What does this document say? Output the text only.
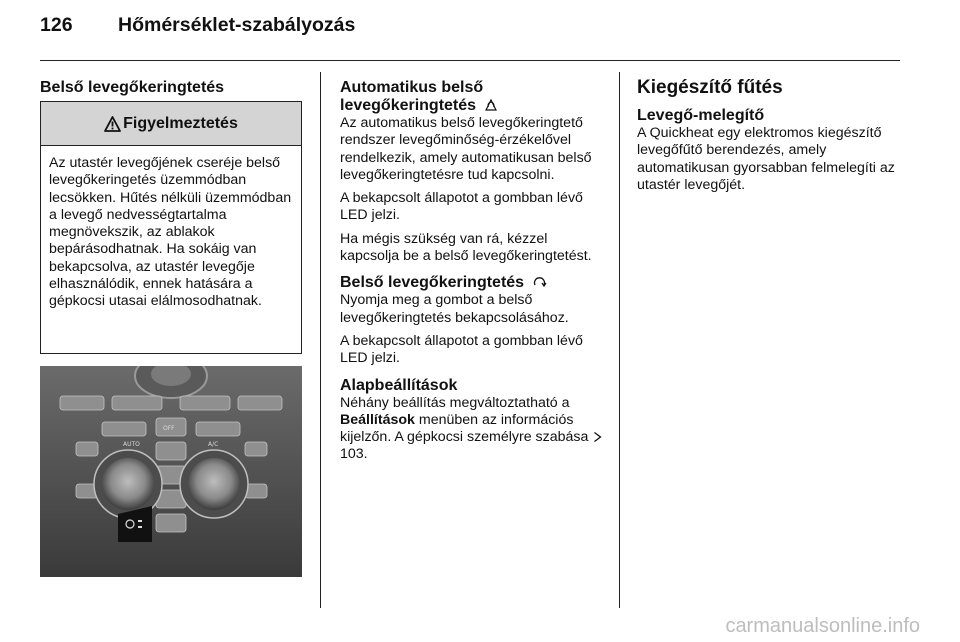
126 Hőmérséklet-szabályozás
Belső levegőkeringtetés
Figyelmeztetés
Az utastér levegőjének cseréje belső levegőkeringetés üzemmódban lecsökken. Hűtés nélküli üzemmódban a levegő nedvességtartalma megnövekszik, az ablakok bepárásodhatnak. Ha sokáig van bekapcsolva, az utastér levegője elhasználódik, ennek hatására a gépkocsi utasai elálmosodhatnak.
AUTO	A/C
OFF
Automatikus belső levegőkeringtetés

Az automatikus belső levegőkeringtető rendszer levegőminőség-érzékelővel rendelkezik, amely automatikusan belső levegőkeringtetésre tud kapcsolni.

A bekapcsolt állapotot a gombban lévő LED jelzi.

Ha mégis szükség van rá, kézzel kapcsolja be a belső levegőkeringtetést.

Belső levegőkeringtetés

Nyomja meg a gombot a belső levegőkeringtetés bekapcsolásához.

A bekapcsolt állapotot a gombban lévő LED jelzi.

Alapbeállítások

Néhány beállítás megváltoztatható a Beállítások menüben az információs kijelzőn. A gépkocsi személyre szabása  103.

Kiegészítő fűtés
Levegő-melegítő

A Quickheat egy elektromos kiegészítő levegőfűtő berendezés, amely automatikusan gyorsabban felmelegíti az utastér levegőjét.

carmanualsonline.info
